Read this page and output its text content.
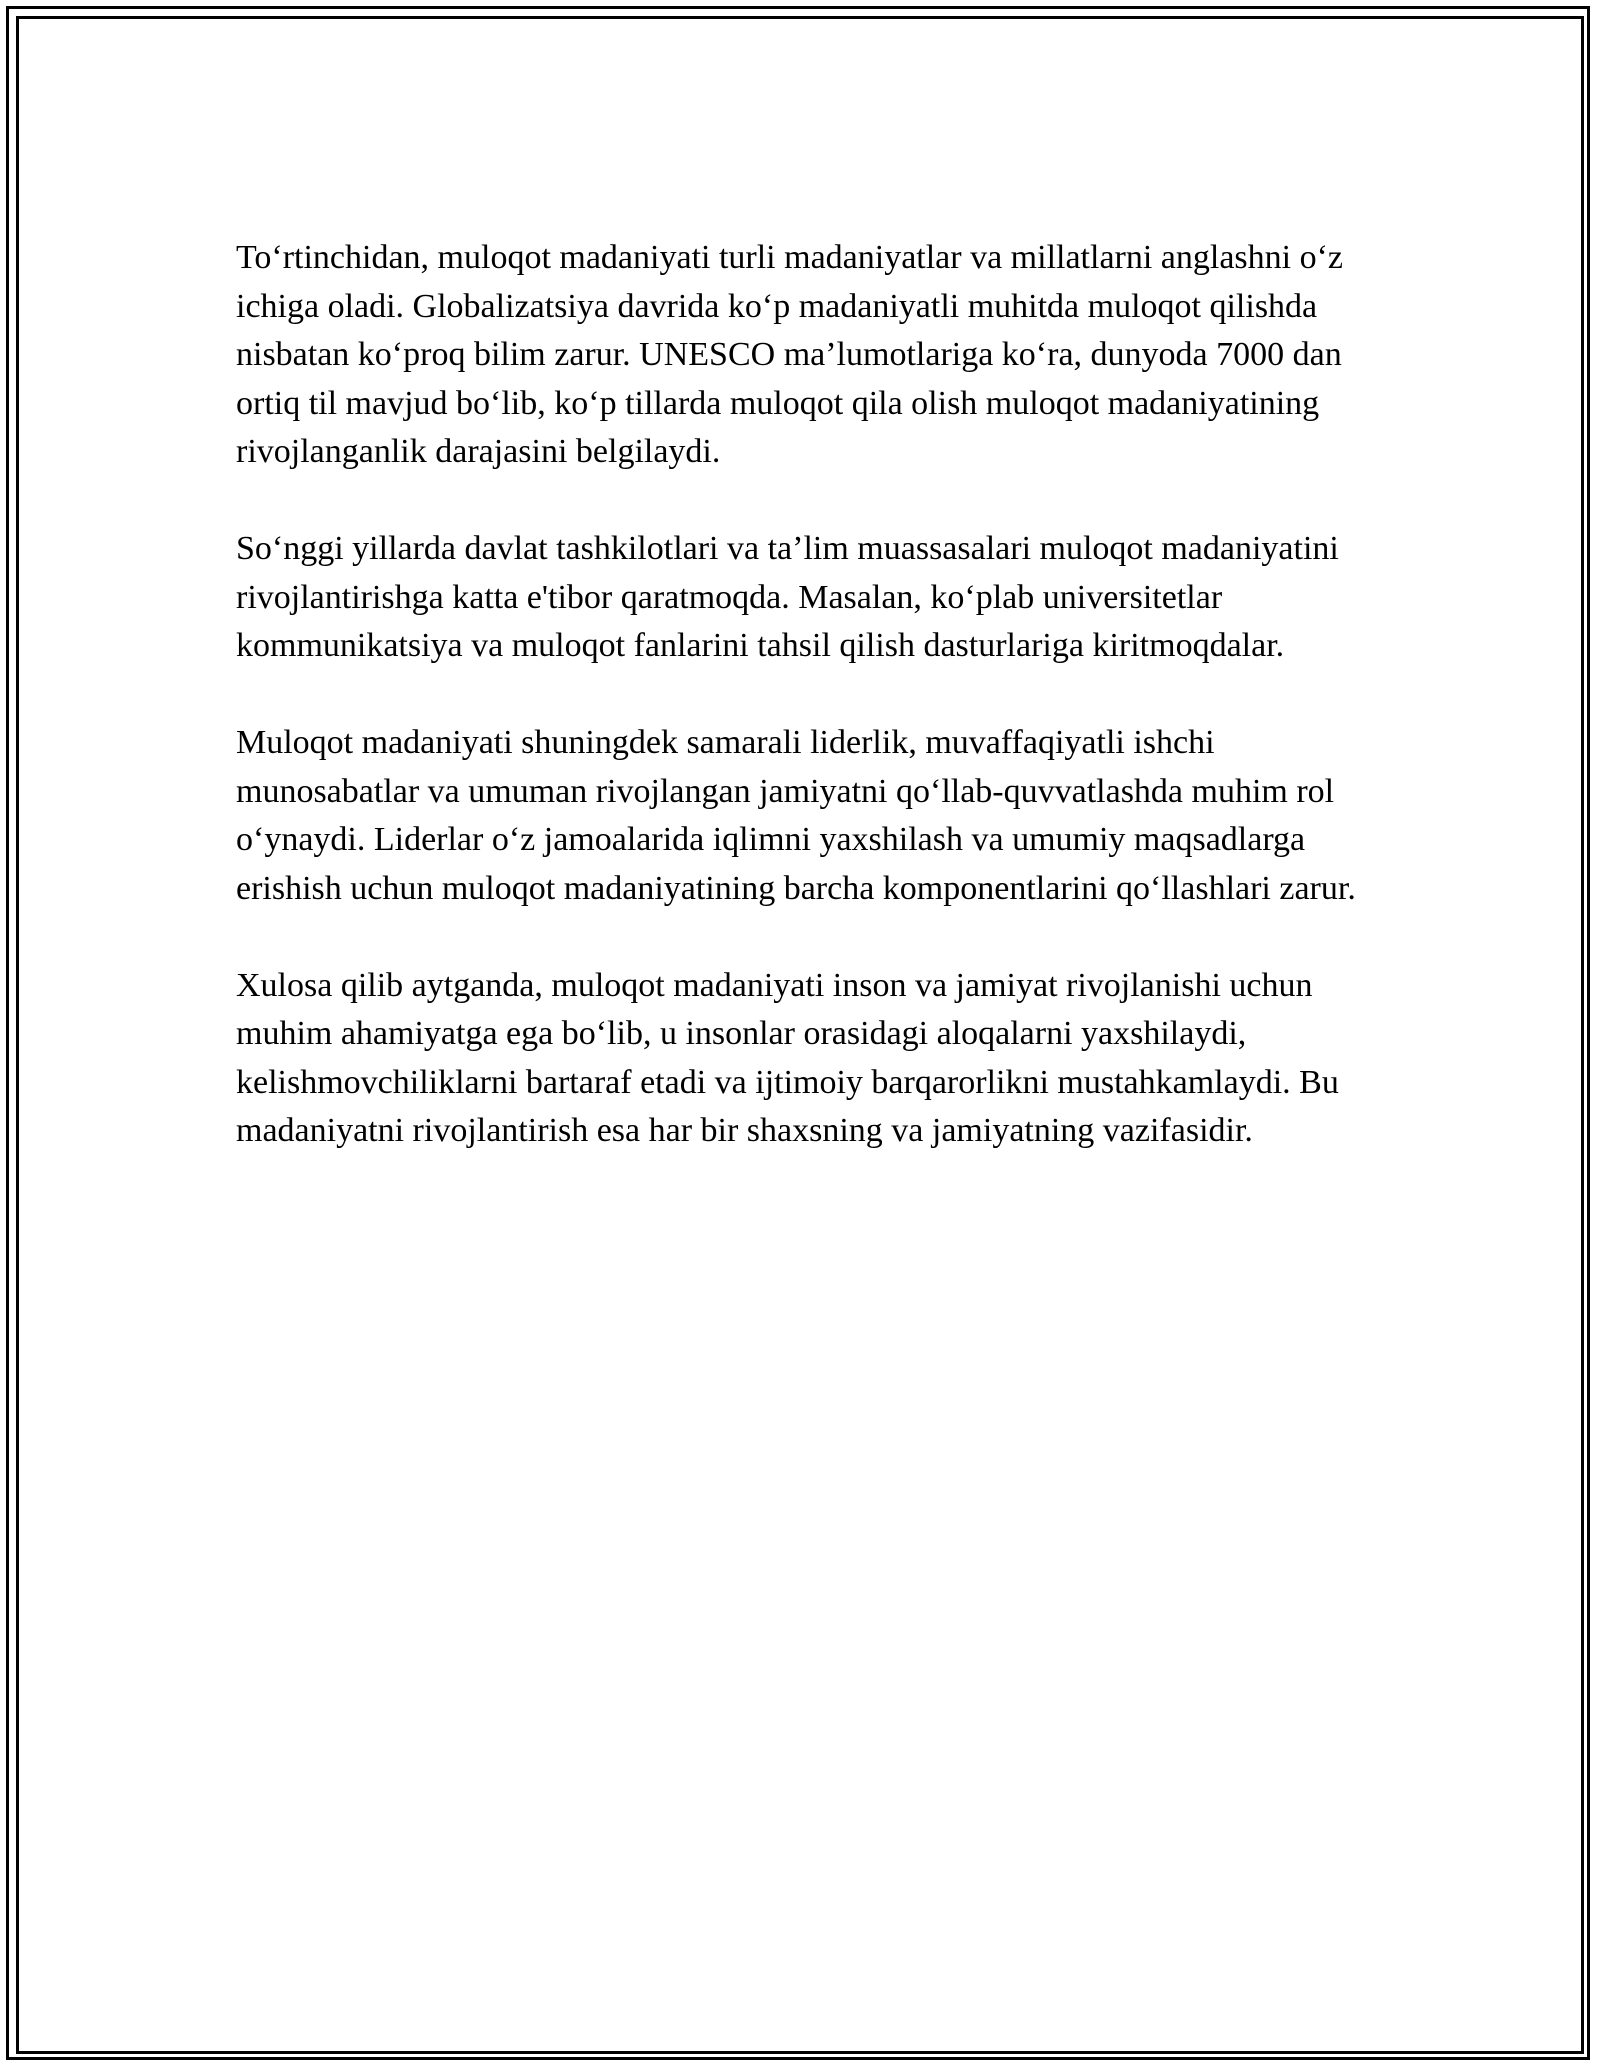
To‘rtinchidan, muloqot madaniyati turli madaniyatlar va millatlarni anglashni o‘z ichiga oladi. Globalizatsiya davrida ko‘p madaniyatli muhitda muloqot qilishda nisbatan ko‘proq bilim zarur. UNESCO ma’lumotlariga ko‘ra, dunyoda 7000 dan ortiq til mavjud bo‘lib, ko‘p tillarda muloqot qila olish muloqot madaniyatining rivojlanganlik darajasini belgilaydi.

So‘nggi yillarda davlat tashkilotlari va ta’lim muassasalari muloqot madaniyatini rivojlantirishga katta e'tibor qaratmoqda. Masalan, ko‘plab universitetlar kommunikatsiya va muloqot fanlarini tahsil qilish dasturlariga kiritmoqdalar.

Muloqot madaniyati shuningdek samarali liderlik, muvaffaqiyatli ishchi munosabatlar va umuman rivojlangan jamiyatni qo‘llab-quvvatlashda muhim rol o‘ynaydi. Liderlar o‘z jamoalarida iqlimni yaxshilash va umumiy maqsadlarga erishish uchun muloqot madaniyatining barcha komponentlarini qo‘llashlari zarur.

Xulosa qilib aytganda, muloqot madaniyati inson va jamiyat rivojlanishi uchun muhim ahamiyatga ega bo‘lib, u insonlar orasidagi aloqalarni yaxshilaydi, kelishmovchiliklarni bartaraf etadi va ijtimoiy barqarorlikni mustahkamlaydi. Bu madaniyatni rivojlantirish esa har bir shaxsning va jamiyatning vazifasidir.
